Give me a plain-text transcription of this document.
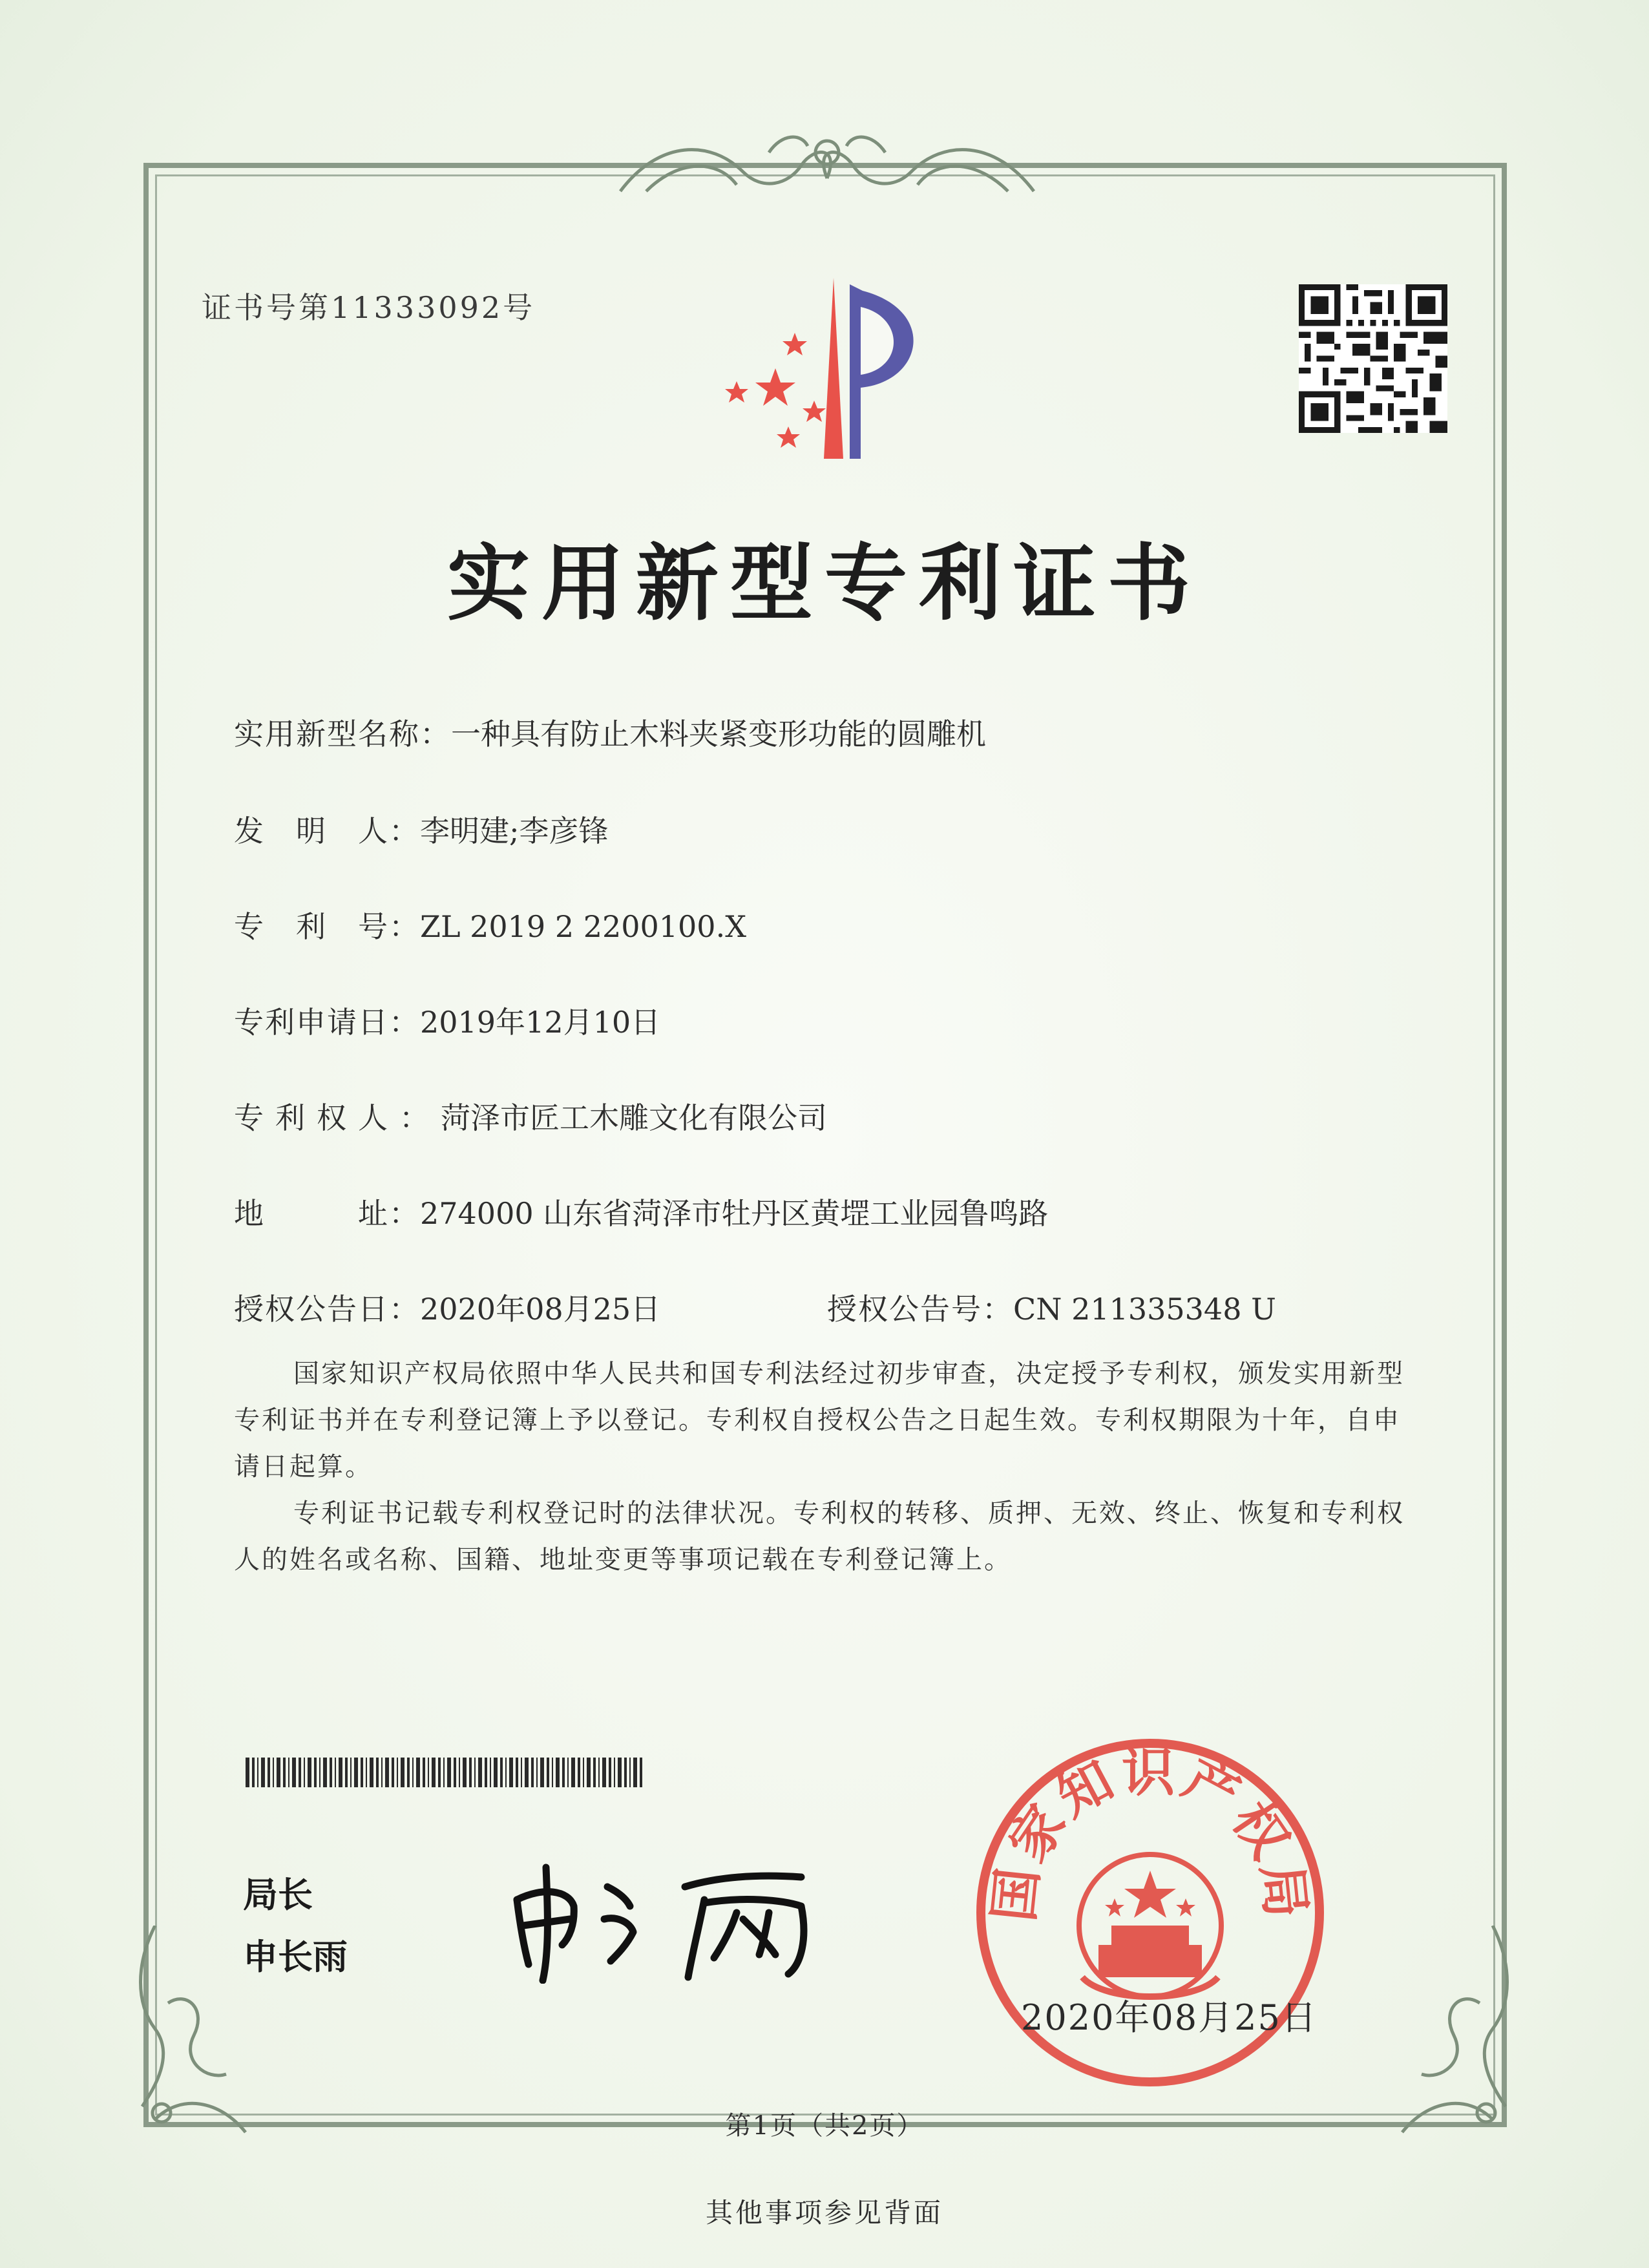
证书号第11333092号
实用新型专利证书
实用新型名称：一种具有防止木料夹紧变形功能的圆雕机
发　明　人：李明建;李彦锋
专　利　号：ZL 2019 2 2200100.X
专利申请日：2019年12月10日
专利权人：菏泽市匠工木雕文化有限公司
地　　　址：274000 山东省菏泽市牡丹区黄堽工业园鲁鸣路
授权公告日：2020年08月25日	授权公告号：CN 211335348 U
国家知识产权局依照中华人民共和国专利法经过初步审查，决定授予专利权，颁发实用新型专利证书并在专利登记簿上予以登记。专利权自授权公告之日起生效。专利权期限为十年，自申请日起算。
专利证书记载专利权登记时的法律状况。专利权的转移、质押、无效、终止、恢复和专利权人的姓名或名称、国籍、地址变更等事项记载在专利登记簿上。
局长
申长雨
国家知识产权局
2020年08月25日
第1页（共2页）
其他事项参见背面
